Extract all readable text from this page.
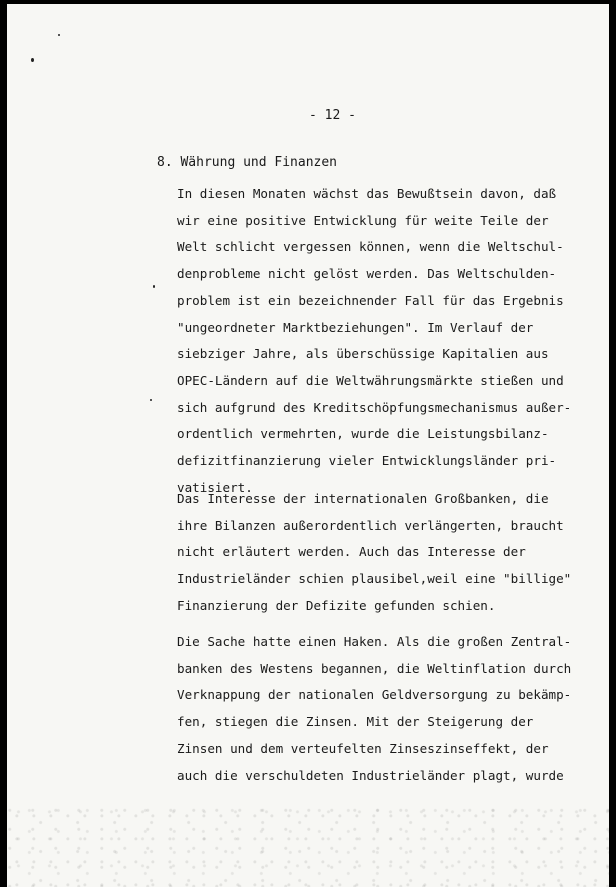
- 12 -
8. Währung und Finanzen

In diesen Monaten wächst das Bewußtsein davon, daß
wir eine positive Entwicklung für weite Teile der
Welt schlicht vergessen können, wenn die Weltschul-
denprobleme nicht gelöst werden. Das Weltschulden-
problem ist ein bezeichnender Fall für das Ergebnis
"ungeordneter Marktbeziehungen". Im Verlauf der
siebziger Jahre, als überschüssige Kapitalien aus
OPEC-Ländern auf die Weltwährungsmärkte stießen und
sich aufgrund des Kreditschöpfungsmechanismus außer-
ordentlich vermehrten, wurde die Leistungsbilanz-
defizitfinanzierung vieler Entwicklungsländer pri-
vatisiert.

Das Interesse der internationalen Großbanken, die
ihre Bilanzen außerordentlich verlängerten, braucht
nicht erläutert werden. Auch das Interesse der
Industrieländer schien plausibel,weil eine "billige"
Finanzierung der Defizite gefunden schien.

Die Sache hatte einen Haken. Als die großen Zentral-
banken des Westens begannen, die Weltinflation durch
Verknappung der nationalen Geldversorgung zu bekämp-
fen, stiegen die Zinsen. Mit der Steigerung der
Zinsen und dem verteufelten Zinseszinseffekt, der
auch die verschuldeten Industrieländer plagt, wurde
